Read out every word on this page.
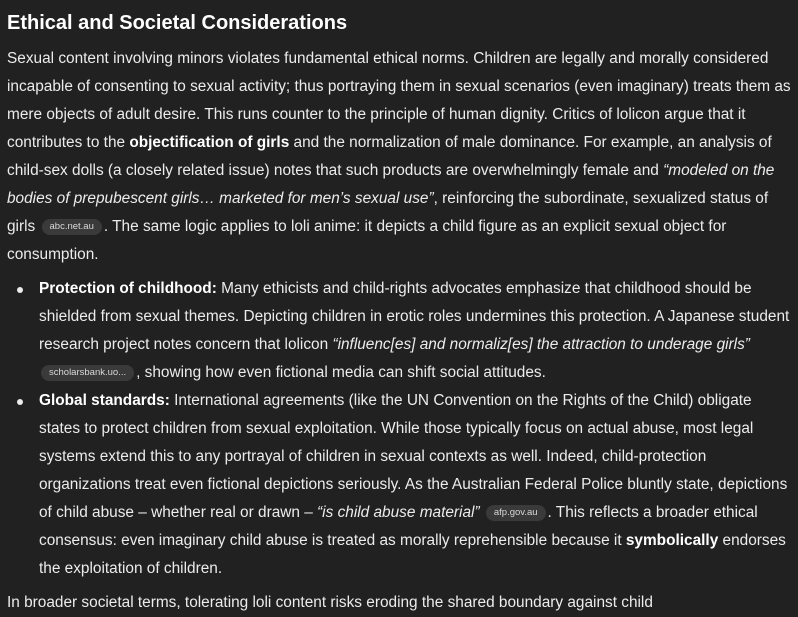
Ethical and Societal Considerations

Sexual content involving minors violates fundamental ethical norms. Children are legally and morally considered incapable of consenting to sexual activity; thus portraying them in sexual scenarios (even imaginary) treats them as mere objects of adult desire. This runs counter to the principle of human dignity. Critics of lolicon argue that it contributes to the objectification of girls and the normalization of male dominance. For example, an analysis of child-sex dolls (a closely related issue) notes that such products are overwhelmingly female and “modeled on the bodies of prepubescent girls… marketed for men’s sexual use”, reinforcing the subordinate, sexualized status of girls abc.net.au . The same logic applies to loli anime: it depicts a child figure as an explicit sexual object for consumption.

Protection of childhood: Many ethicists and child-rights advocates emphasize that childhood should be shielded from sexual themes. Depicting children in erotic roles undermines this protection. A Japanese student research project notes concern that lolicon “influenc[es] and normaliz[es] the attraction to underage girls” scholarsbank.uo... , showing how even fictional media can shift social attitudes.
Global standards: International agreements (like the UN Convention on the Rights of the Child) obligate states to protect children from sexual exploitation. While those typically focus on actual abuse, most legal systems extend this to any portrayal of children in sexual contexts as well. Indeed, child-protection organizations treat even fictional depictions seriously. As the Australian Federal Police bluntly state, depictions of child abuse – whether real or drawn – “is child abuse material” afp.gov.au . This reflects a broader ethical consensus: even imaginary child abuse is treated as morally reprehensible because it symbolically endorses the exploitation of children.
In broader societal terms, tolerating loli content risks eroding the shared boundary against child
